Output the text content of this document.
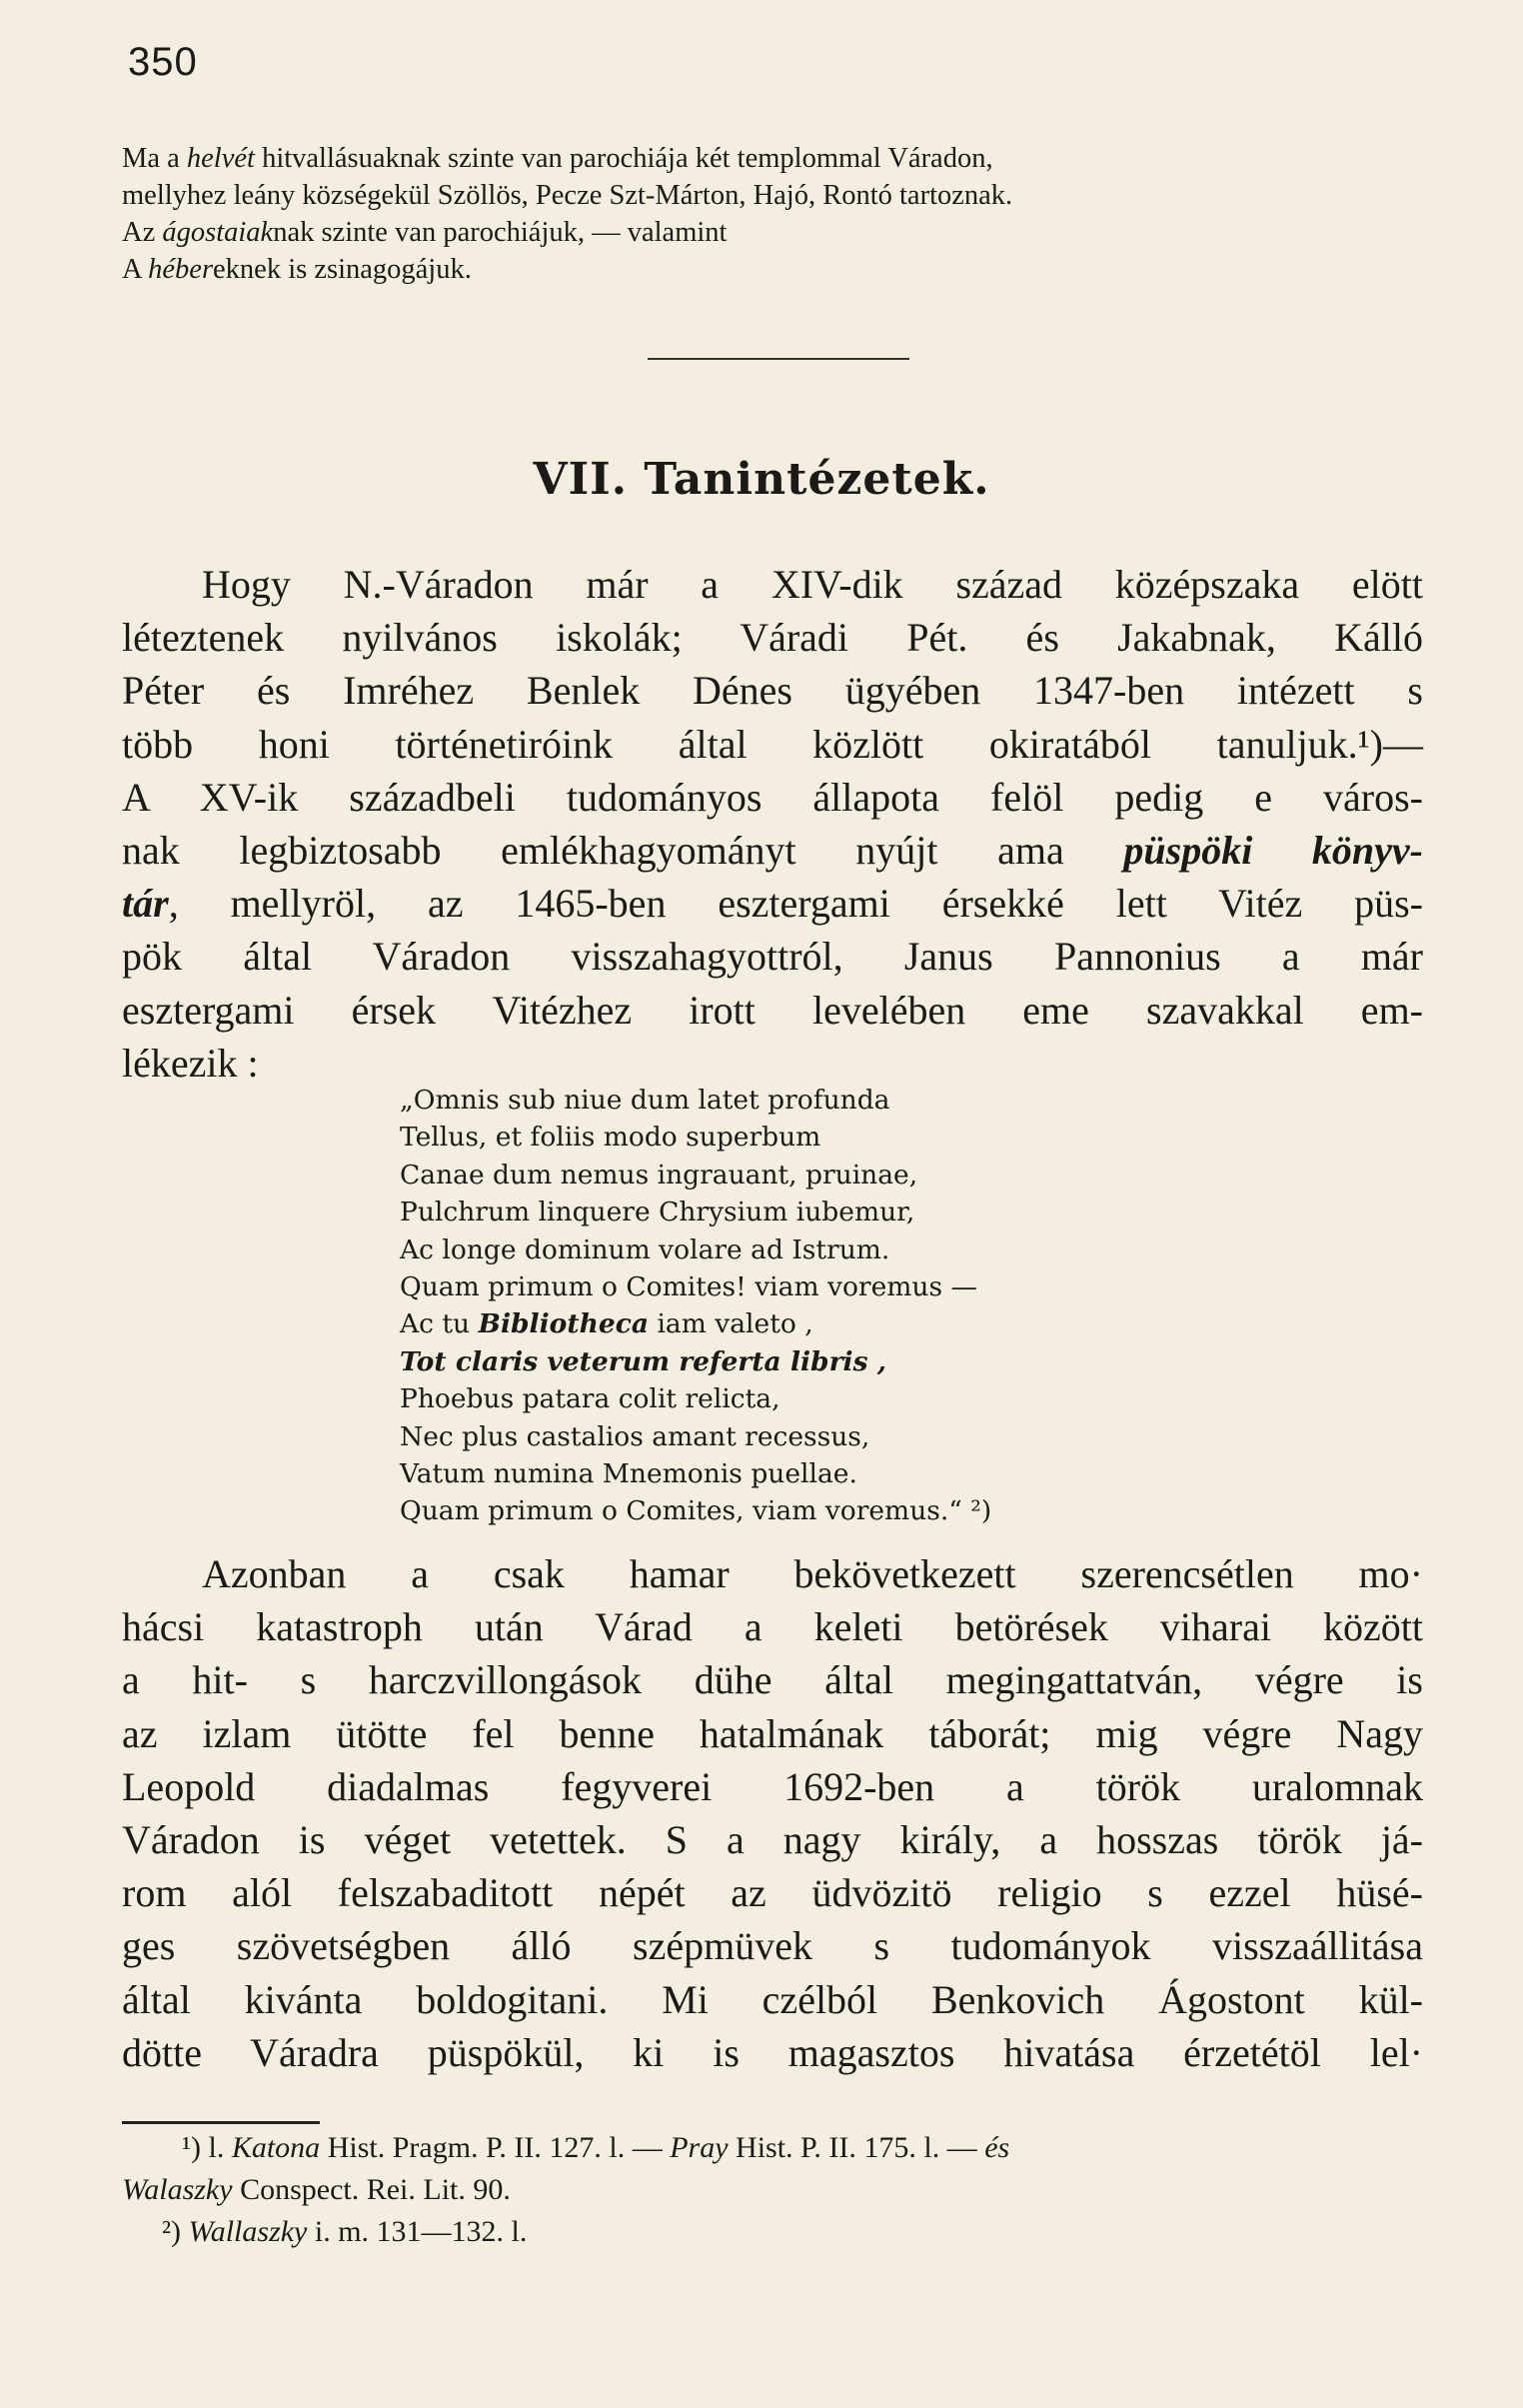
350
Ma a helvét hitvallásuaknak szinte van parochiája két templommal Váradon,
mellyhez leány községekül Szöllös, Pecze Szt-Márton, Hajó, Rontó tartoznak.
Az ágostaiaknak szinte van parochiájuk, — valamint
A hébereknek is zsinagogájuk.
VII. Tanintézetek.
Hogy N.-Váradon már a XIV-dik század középszaka elött
léteztenek nyilvános iskolák; Váradi Pét. és Jakabnak, Kálló
Péter és Imréhez Benlek Dénes ügyében 1347-ben intézett s
több honi történetiróink által közlött okiratából tanuljuk.¹)—
A XV-ik századbeli tudományos állapota felöl pedig e város-
nak legbiztosabb emlékhagyományt nyújt ama püspöki könyv-
tár, mellyröl, az 1465-ben esztergami érsekké lett Vitéz püs-
pök által Váradon visszahagyottról, Janus Pannonius a már
esztergami érsek Vitézhez irott levelében eme szavakkal em-
lékezik :
„Omnis sub niue dum latet profunda
Tellus, et foliis modo superbum
Canae dum nemus ingrauant, pruinae,
Pulchrum linquere Chrysium iubemur,
Ac longe dominum volare ad Istrum.
Quam primum o Comites! viam voremus —
Ac tu Bibliotheca iam valeto ,
Tot claris veterum referta libris ,
Phoebus patara colit relicta,
Nec plus castalios amant recessus,
Vatum numina Mnemonis puellae.
Quam primum o Comites, viam voremus.“ ²)
Azonban a csak hamar bekövetkezett szerencsétlen mo·
hácsi katastroph után Várad a keleti betörések viharai között
a hit- s harczvillongások dühe által megingattatván, végre is
az izlam ütötte fel benne hatalmának táborát; mig végre Nagy
Leopold diadalmas fegyverei 1692-ben a török uralomnak
Váradon is véget vetettek. S a nagy király, a hosszas török já-
rom alól felszabaditott népét az üdvözitö religio s ezzel hüsé-
ges szövetségben álló szépmüvek s tudományok visszaállitása
által kivánta boldogitani. Mi czélból Benkovich Ágostont kül-
dötte Váradra püspökül, ki is magasztos hivatása érzetétöl lel·
¹) l. Katona Hist. Pragm. P. II. 127. l. — Pray Hist. P. II. 175. l. — és
Walaszky Conspect. Rei. Lit. 90.
²) Wallaszky i. m. 131—132. l.
